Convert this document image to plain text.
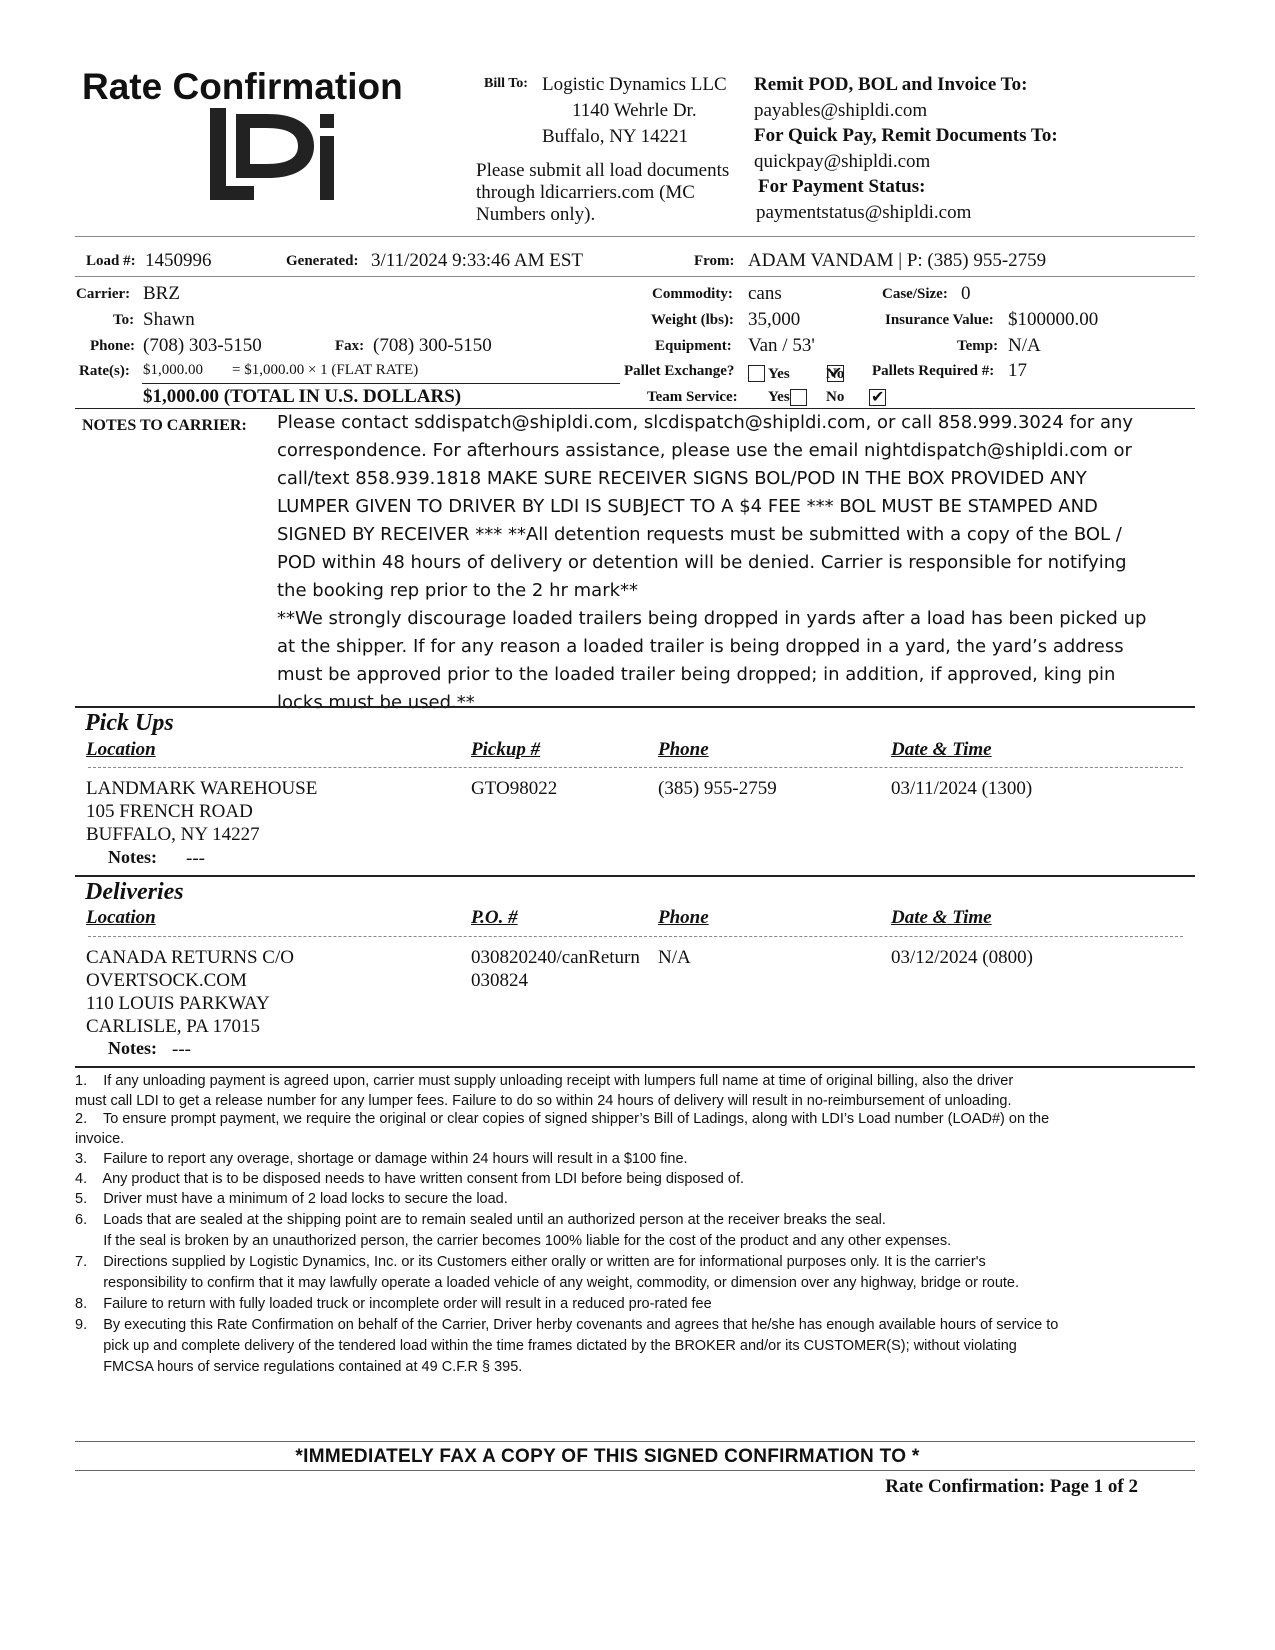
Rate Confirmation	Bill To: Logistic Dynamics LLC
1140 Wehrle Dr.
Buffalo, NY 14221
Please submit all load documents
through ldicarriers.com (MC
Numbers only).
Remit POD, BOL and Invoice To:
payables@shipldi.com
For Quick Pay, Remit Documents To:
quickpay@shipldi.com
For Payment Status:
paymentstatus@shipldi.com
Load #: 1450996	Generated: 3/11/2024 9:33:46 AM EST	From: ADAM VANDAM | P: (385) 955-2759
Carrier: BRZ
To: Shawn
Phone: (708) 303-5150	Fax: (708) 300-5150
Rate(s): $1,000.00 = $1,000.00 × 1 (FLAT RATE)
$1,000.00 (TOTAL IN U.S. DOLLARS)
Commodity: cans
Weight (lbs): 35,000
Equipment: Van / 53'
Pallet Exchange?
Yes ✔ No
Team Service:
Yes ✔ No
Case/Size: 0
Insurance Value: $100000.00
Temp: N/A
Pallets Required #: 17
NOTES TO CARRIER: Please contact sddispatch@shipldi.com, slcdispatch@shipldi.com, or call 858.999.3024 for any
correspondence. For afterhours assistance, please use the email nightdispatch@shipldi.com or
call/text 858.939.1818 MAKE SURE RECEIVER SIGNS BOL/POD IN THE BOX PROVIDED ANY
LUMPER GIVEN TO DRIVER BY LDI IS SUBJECT TO A $4 FEE *** BOL MUST BE STAMPED AND
SIGNED BY RECEIVER *** **All detention requests must be submitted with a copy of the BOL /
POD within 48 hours of delivery or detention will be denied. Carrier is responsible for notifying
the booking rep prior to the 2 hr mark**
**We strongly discourage loaded trailers being dropped in yards after a load has been picked up
at the shipper. If for any reason a loaded trailer is being dropped in a yard, the yard’s address
must be approved prior to the loaded trailer being dropped; in addition, if approved, king pin
locks must be used.**
Pick Ups
Location	Pickup #	Phone	Date & Time
LANDMARK WAREHOUSE
105 FRENCH ROAD
BUFFALO, NY 14227
GTO98022	(385) 955-2759	03/11/2024 (1300)
Notes: ---
Deliveries
Location	P.O. #	Phone	Date & Time
CANADA RETURNS C/O
OVERTSOCK.COM
110 LOUIS PARKWAY
CARLISLE, PA 17015
030820240/canReturn
030824
N/A	03/12/2024 (0800)
Notes: ---
1.    If any unloading payment is agreed upon, carrier must supply unloading receipt with lumpers full name at time of original billing, also the driver
must call LDI to get a release number for any lumper fees. Failure to do so within 24 hours of delivery will result in no-reimbursement of unloading.
2.    To ensure prompt payment, we require the original or clear copies of signed shipper’s Bill of Ladings, along with LDI’s Load number (LOAD#) on the
invoice.
3.    Failure to report any overage, shortage or damage within 24 hours will result in a $100 fine.
4.    Any product that is to be disposed needs to have written consent from LDI before being disposed of.
5.    Driver must have a minimum of 2 load locks to secure the load.
6.    Loads that are sealed at the shipping point are to remain sealed until an authorized person at the receiver breaks the seal.
If the seal is broken by an unauthorized person, the carrier becomes 100% liable for the cost of the product and any other expenses.
7.    Directions supplied by Logistic Dynamics, Inc. or its Customers either orally or written are for informational purposes only. It is the carrier's
responsibility to confirm that it may lawfully operate a loaded vehicle of any weight, commodity, or dimension over any highway, bridge or route.
8.    Failure to return with fully loaded truck or incomplete order will result in a reduced pro-rated fee
9.    By executing this Rate Confirmation on behalf of the Carrier, Driver herby covenants and agrees that he/she has enough available hours of service to
pick up and complete delivery of the tendered load within the time frames dictated by the BROKER and/or its CUSTOMER(S); without violating
FMCSA hours of service regulations contained at 49 C.F.R § 395.
*IMMEDIATELY FAX A COPY OF THIS SIGNED CONFIRMATION TO *
Rate Confirmation: Page 1 of 2
